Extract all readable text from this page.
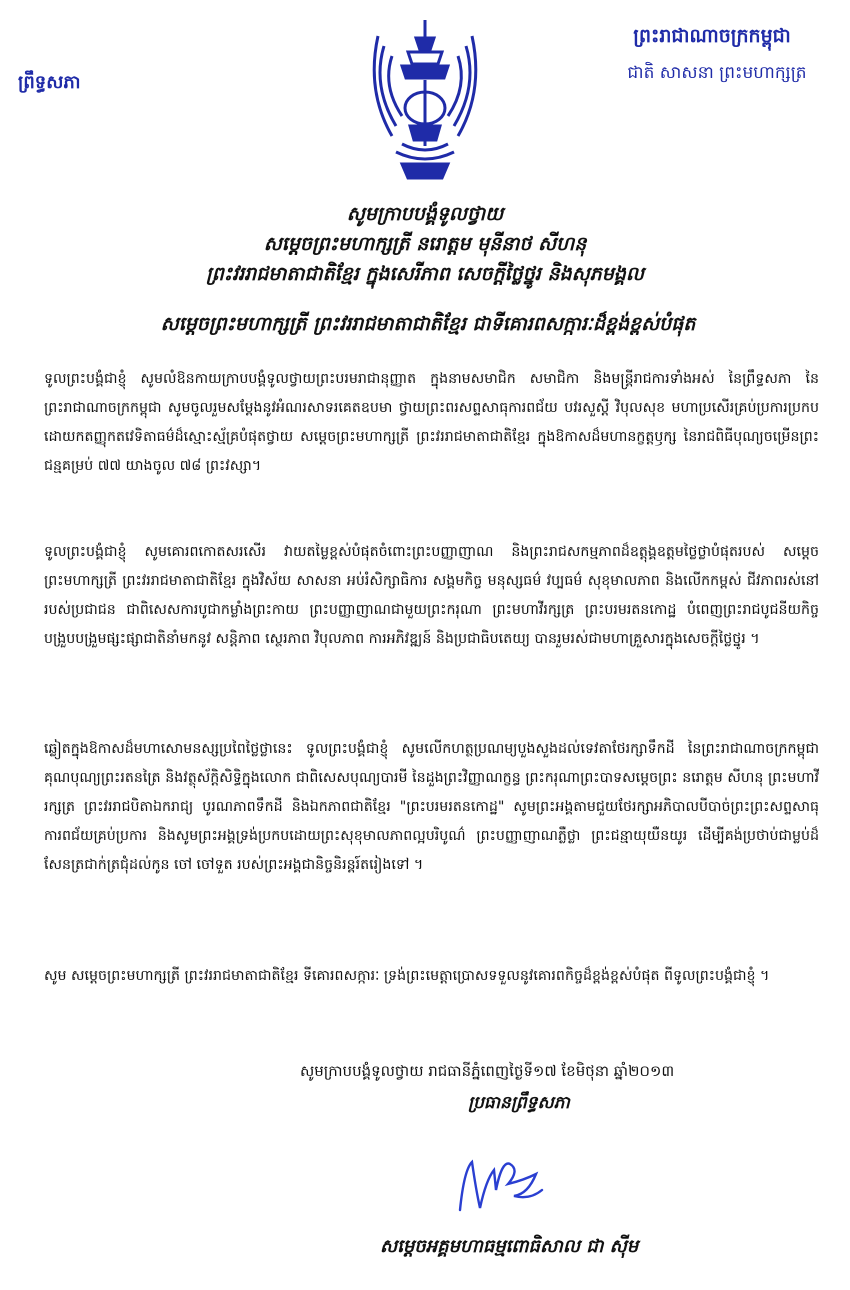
ព្រះរាជាណាចក្រកម្ពុជា
ជាតិ សាសនា ព្រះមហាក្សត្រ
ព្រឹទ្ធសភា
សូមក្រាបបង្គំទូលថ្វាយ
សម្តេចព្រះមហាក្សត្រី នរោត្តម មុនីនាថ សីហនុ
ព្រះវររាជមាតាជាតិខ្មែរ ក្នុងសេរីភាព សេចក្តីថ្លៃថ្នូរ និងសុភមង្គល
សម្តេចព្រះមហាក្សត្រី ព្រះវររាជមាតាជាតិខ្មែរ ជាទីគោរពសក្ការៈដ៏ខ្ពង់ខ្ពស់បំផុត
ទូលព្រះបង្គំជាខ្ញុំ សូមលំឱនកាយក្រាបបង្គំទូលថ្វាយព្រះបរមរាជានុញ្ញាត ក្នុងនាមសមាជិក សមាជិកា និងមន្ត្រីរាជការទាំងអស់ នៃព្រឹទ្ធសភា នៃព្រះរាជាណាចក្រកម្ពុជា សូមចូលរួមសម្តែងនូវអំណរសាទរគេតឧបមា ថ្វាយព្រះពរសព្ទសាធុការពជ័យ បវរសួស្តី វិបុលសុខ មហាប្រសើរគ្រប់ប្រការប្រកបដោយកតញ្ញុកតវេទិតាធម៌ដ៏ស្មោះស្ម័គ្របំផុតថ្វាយ សម្តេចព្រះមហាក្សត្រី ព្រះវររាជមាតាជាតិខ្មែរ ក្នុងឱកាសដ៏មហានក្ខត្តឫក្ស នៃរាជពិធីបុណ្យចម្រើនព្រះជន្មគម្រប់ ៧៧ យាងចូល ៧៨ ព្រះវស្សា។
ទូលព្រះបង្គំជាខ្ញុំ សូមគោរពកោតសរសើរ វាយតម្លៃខ្ពស់បំផុតចំពោះព្រះបញ្ញាញាណ និងព្រះរាជសកម្មភាពដ៏ឧត្តុង្គឧត្តមថ្លៃថ្លាបំផុតរបស់ សម្តេចព្រះមហាក្សត្រី ព្រះវររាជមាតាជាតិខ្មែរ ក្នុងវិស័យ សាសនា អប់រំសិក្សាធិការ សង្គមកិច្ច មនុស្សធម៌ វប្បធម៌ សុខុមាលភាព និងលើកកម្ពស់ ជីវភាពរស់នៅរបស់ប្រជាជន ជាពិសេសការបូជាកម្លាំងព្រះកាយ ព្រះបញ្ញាញាណជាមួយព្រះករុណា ព្រះមហាវីរក្សត្រ ព្រះបរមរតនកោដ្ឋ បំពេញព្រះរាជបូជនីយកិច្ចបង្រួបបង្រួមផ្សះផ្សាជាតិនាំមកនូវ សន្តិភាព ស្ថេរភាព វិបុលភាព ការអភិវឌ្ឍន៍ និងប្រជាធិបតេយ្យ បានរួមរស់ជាមហាគ្រួសារក្នុងសេចក្តីថ្លៃថ្នូរ ។
ឆ្លៀតក្នុងឱកាសដ៏មហាសោមនស្សប្រពៃថ្លៃថ្លានេះ ទូលព្រះបង្គំជាខ្ញុំ សូមលើកហត្ថប្រណម្យបួងសួងដល់ទេវតាថែរក្សាទឹកដី នៃព្រះរាជាណាចក្រកម្ពុជា គុណបុណ្យព្រះរតនត្រៃ និងវត្ថុស័ក្តិសិទ្ធិក្នុងលោក ជាពិសេសបុណ្យបារមី នៃដួងព្រះវិញ្ញាណក្ខន្ធ ព្រះករុណាព្រះបាទសម្តេចព្រះ នរោត្តម សីហនុ ព្រះមហាវីរក្សត្រ ព្រះវររាជបិតាឯករាជ្យ បូរណភាពទឹកដី និងឯកភាពជាតិខ្មែរ "ព្រះបរមរតនកោដ្ឋ" សូមព្រះអង្គតាមជួយថែរក្សាអភិបាលបីបាច់ព្រះព្រះសព្ទសាធុការពជ័យគ្រប់ប្រការ និងសូមព្រះអង្គទ្រង់ប្រកបដោយព្រះសុខុមាលភាពល្អបរិបូណ៌ ព្រះបញ្ញាញាណភ្លឺថ្លា ព្រះជន្មាយុយឺនយូរ ដើម្បីគង់ប្រថាប់ជាម្លប់ដ៏សែនត្រជាក់ត្រជុំដល់កូន ចៅ ចៅទួត របស់ព្រះអង្គជានិច្ចនិរន្តរ៍តរៀងទៅ ។
សូម សម្តេចព្រះមហាក្សត្រី ព្រះវររាជមាតាជាតិខ្មែរ ទីគោរពសក្ការៈ ទ្រង់ព្រះមេត្តាប្រោសទទួលនូវគោរពកិច្ចដ៏ខ្ពង់ខ្ពស់បំផុត ពីទូលព្រះបង្គំជាខ្ញុំ ។
សូមក្រាបបង្គំទូលថ្វាយ រាជធានីភ្នំពេញថ្ងៃទី១៧ ខែមិថុនា ឆ្នាំ២០១៣
ប្រធានព្រឹទ្ធសភា
សម្តេចអគ្គមហាធម្មពោធិសាល ជា ស៊ីម
